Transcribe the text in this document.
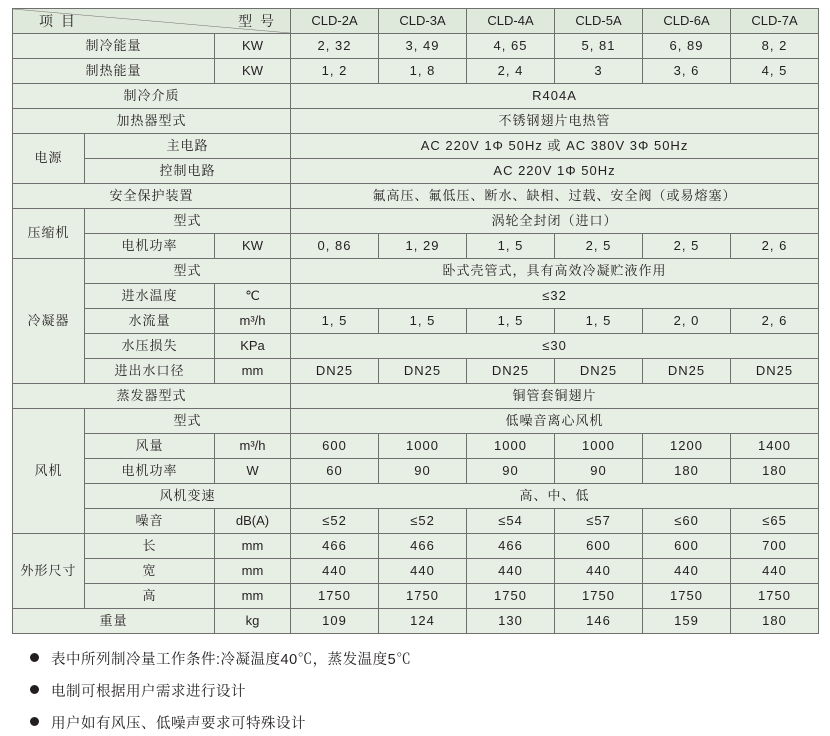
型 号
项 目			CLD-2A	CLD-3A	CLD-4A	CLD-5A	CLD-6A	CLD-7A
制冷能量		KW	2, 32	3, 49	4, 65	5, 81	6, 89	8, 2
制热能量		KW	1, 2	1, 8	2, 4	3	3, 6	4, 5
制冷介质			R404A					
加热器型式			不锈钢翅片电热管					
电源	主电路		AC 220V 1Φ 50Hz 或 AC 380V 3Φ 50Hz					
	控制电路		AC 220V 1Φ 50Hz					
安全保护装置			氟高压、氟低压、断水、缺相、过载、安全阀（或易熔塞）					
压缩机	型式		涡轮全封闭（进口）					
	电机功率	KW	0, 86	1, 29	1, 5	2, 5	2, 5	2, 6
冷凝器	型式		卧式壳管式，具有高效冷凝贮液作用					
	进水温度	℃	≤32					
	水流量	m³/h	1, 5	1, 5	1, 5	1, 5	2, 0	2, 6
	水压损失	KPa	≤30					
	进出水口径	mm	DN25	DN25	DN25	DN25	DN25	DN25
蒸发器型式			铜管套铜翅片					
风机	型式		低噪音离心风机					
	风量	m³/h	600	1000	1000	1000	1200	1400
	电机功率	W	60	90	90	90	180	180
	风机变速		高、中、低					
	噪音	dB(A)	≤52	≤52	≤54	≤57	≤60	≤65
外形尺寸	长	mm	466	466	466	600	600	700
	宽	mm	440	440	440	440	440	440
	高	mm	1750	1750	1750	1750	1750	1750
重量		kg	109	124	130	146	159	180
表中所列制冷量工作条件:冷凝温度40℃，蒸发温度5℃
电制可根据用户需求进行设计
用户如有风压、低噪声要求可特殊设计
